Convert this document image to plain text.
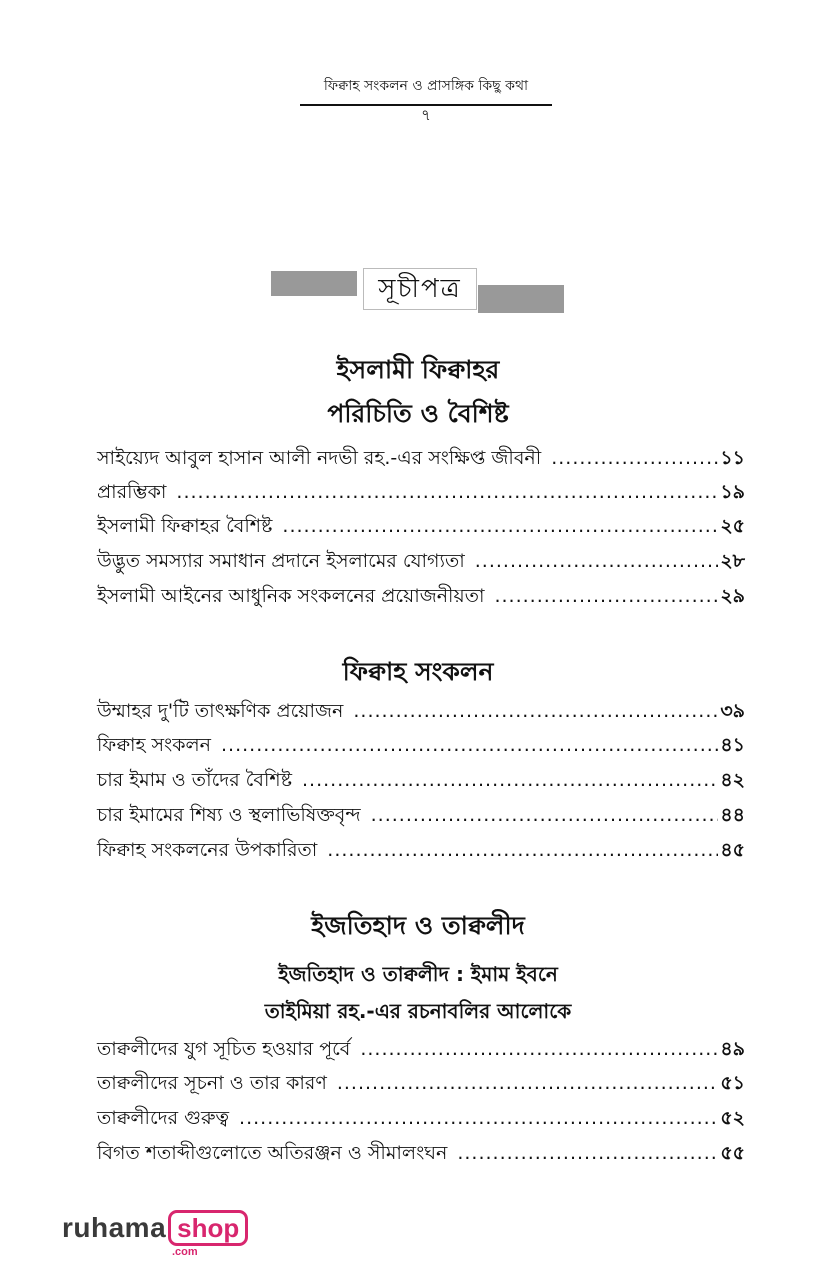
ফিক্বাহ সংকলন ও প্রাসঙ্গিক কিছু কথা
৭
সূচীপত্র
ইসলামী ফিক্বাহর
পরিচিতি ও বৈশিষ্ট
সাইয়্যেদ আবুল হাসান আলী নদভী রহ.-এর সংক্ষিপ্ত জীবনী .....	১১
প্রারম্ভিকা .....	১৯
ইসলামী ফিক্বাহর বৈশিষ্ট .....	২৫
উদ্ভুত সমস্যার সমাধান প্রদানে ইসলামের যোগ্যতা .....	২৮
ইসলামী আইনের আধুনিক সংকলনের প্রয়োজনীয়তা .....	২৯
ফিক্বাহ সংকলন
উম্মাহর দু'টি তাৎক্ষণিক প্রয়োজন .....	৩৯
ফিক্বাহ সংকলন .....	৪১
চার ইমাম ও তাঁদের বৈশিষ্ট .....	৪২
চার ইমামের শিষ্য ও স্থলাভিষিক্তবৃন্দ .....	৪৪
ফিক্বাহ সংকলনের উপকারিতা .....	৪৫
ইজতিহাদ ও তাক্বলীদ
ইজতিহাদ ও তাক্বলীদ : ইমাম ইবনে
তাইমিয়া রহ.-এর রচনাবলির আলোকে
তাক্বলীদের যুগ সূচিত হওয়ার পূর্বে .....	৪৯
তাক্বলীদের সূচনা ও তার কারণ .....	৫১
তাক্বলীদের গুরুত্ব .....	৫২
বিগত শতাব্দীগুলোতে অতিরঞ্জন ও সীমালংঘন .....	৫৫
ruhama shop
.com
